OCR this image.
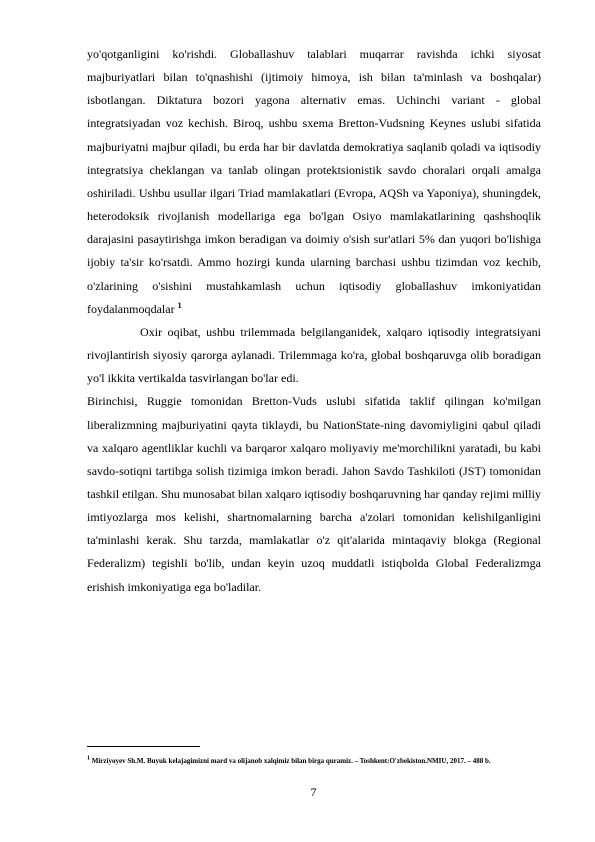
yo'qotganligini ko'rishdi. Globallashuv talablari muqarrar ravishda ichki siyosat majburiyatlari bilan to'qnashishi (ijtimoiy himoya, ish bilan ta'minlash va boshqalar) isbotlangan. Diktatura bozori yagona alternativ emas. Uchinchi variant - global integratsiyadan voz kechish. Biroq, ushbu sxema Bretton-Vudsning Keynes uslubi sifatida majburiyatni majbur qiladi, bu erda har bir davlatda demokratiya saqlanib qoladi va iqtisodiy integratsiya cheklangan va tanlab olingan protektsionistik savdo choralari orqali amalga oshiriladi. Ushbu usullar ilgari Triad mamlakatlari (Evropa, AQSh va Yaponiya), shuningdek, heterodoksik rivojlanish modellariga ega bo'lgan Osiyo mamlakatlarining qashshoqlik darajasini pasaytirishga imkon beradigan va doimiy o'sish sur'atlari 5% dan yuqori bo'lishiga ijobiy ta'sir ko'rsatdi. Ammo hozirgi kunda ularning barchasi ushbu tizimdan voz kechib, o'zlarining o'sishini mustahkamlash uchun iqtisodiy globallashuv imkoniyatidan foydalanmoqdalar $^1$

Oxir oqibat, ushbu trilemmada belgilanganidek, xalqaro iqtisodiy integratsiyani rivojlantirish siyosiy qarorga aylanadi. Trilemmaga ko'ra, global boshqaruvga olib boradigan yo'l ikkita vertikalda tasvirlangan bo'lar edi.

Birinchisi, Ruggie tomonidan Bretton-Vuds uslubi sifatida taklif qilingan ko'milgan liberalizmning majburiyatini qayta tiklaydi, bu NationState-ning davomiyligini qabul qiladi va xalqaro agentliklar kuchli va barqaror xalqaro moliyaviy me'morchilikni yaratadi, bu kabi savdo-sotiqni tartibga solish tizimiga imkon beradi. Jahon Savdo Tashkiloti (JST) tomonidan tashkil etilgan. Shu munosabat bilan xalqaro iqtisodiy boshqaruvning har qanday rejimi milliy imtiyozlarga mos kelishi, shartnomalarning barcha a'zolari tomonidan kelishilganligini ta'minlashi kerak. Shu tarzda, mamlakatlar o'z qit'alarida mintaqaviy blokga (Regional Federalizm) tegishli bo'lib, undan keyin uzoq muddatli istiqbolda Global Federalizmga erishish imkoniyatiga ega bo'ladilar.

$^1$ Mirziyoyev Sh.M. Buyuk kelajagimizni mard va olijanob xalqimiz bilan birga quramiz. – Toshkent:O'zbekiston.NMIU, 2017. – 488 b.
7
